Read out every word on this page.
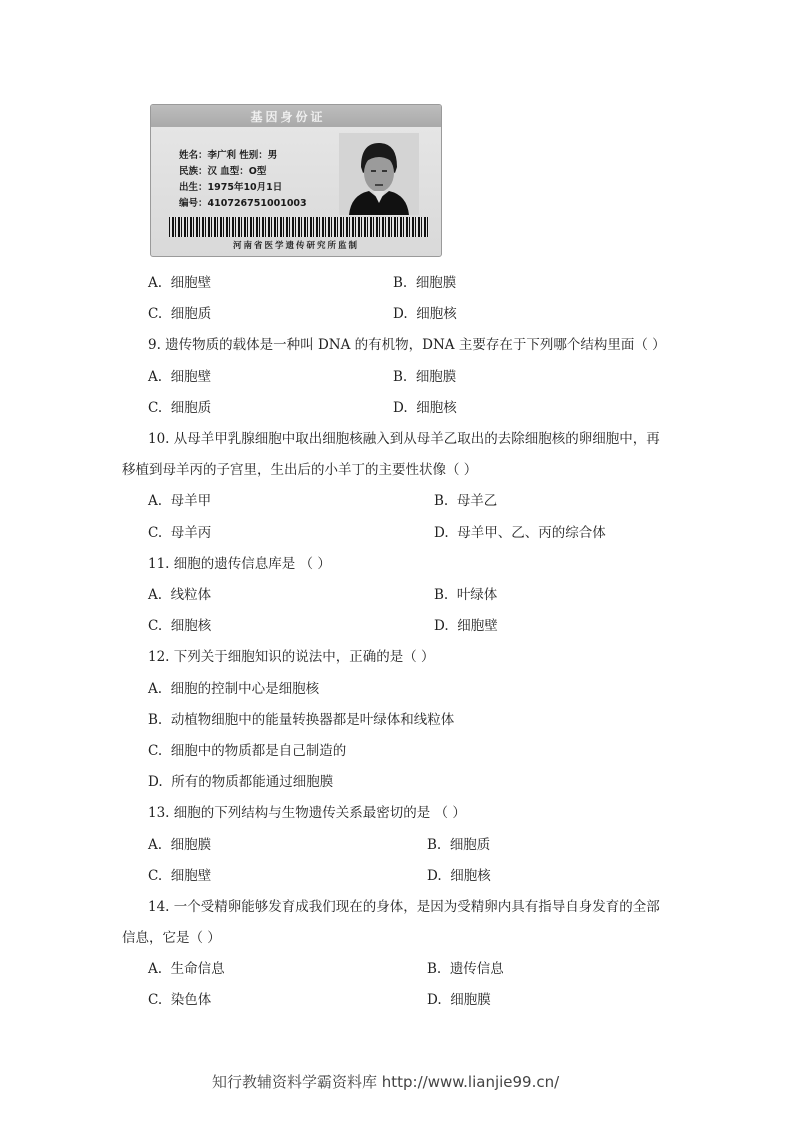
基因身份证
姓名：李广利 性别：男
民族：汉 血型：O型
出生：1975年10月1日
编号：410726751001003
河南省医学遗传研究所监制
A. 细胞壁	B. 细胞膜
C. 细胞质	D. 细胞核
9. 遗传物质的载体是一种叫 DNA 的有机物，DNA 主要存在于下列哪个结构里面（ ）
A. 细胞壁	B. 细胞膜
C. 细胞质	D. 细胞核
10. 从母羊甲乳腺细胞中取出细胞核融入到从母羊乙取出的去除细胞核的卵细胞中，再
移植到母羊丙的子宫里，生出后的小羊丁的主要性状像（ ）
A. 母羊甲	B. 母羊乙
C. 母羊丙	D. 母羊甲、乙、丙的综合体
11. 细胞的遗传信息库是 （ ）
A. 线粒体	B. 叶绿体
C. 细胞核	D. 细胞壁
12. 下列关于细胞知识的说法中，正确的是（ ）
A. 细胞的控制中心是细胞核
B. 动植物细胞中的能量转换器都是叶绿体和线粒体
C. 细胞中的物质都是自己制造的
D. 所有的物质都能通过细胞膜
13. 细胞的下列结构与生物遗传关系最密切的是 （ ）
A. 细胞膜	B. 细胞质
C. 细胞壁	D. 细胞核
14. 一个受精卵能够发育成我们现在的身体，是因为受精卵内具有指导自身发育的全部
信息，它是（ ）
A. 生命信息	B. 遗传信息
C. 染色体	D. 细胞膜
知行教辅资料学霸资料库 http://www.lianjie99.cn/
